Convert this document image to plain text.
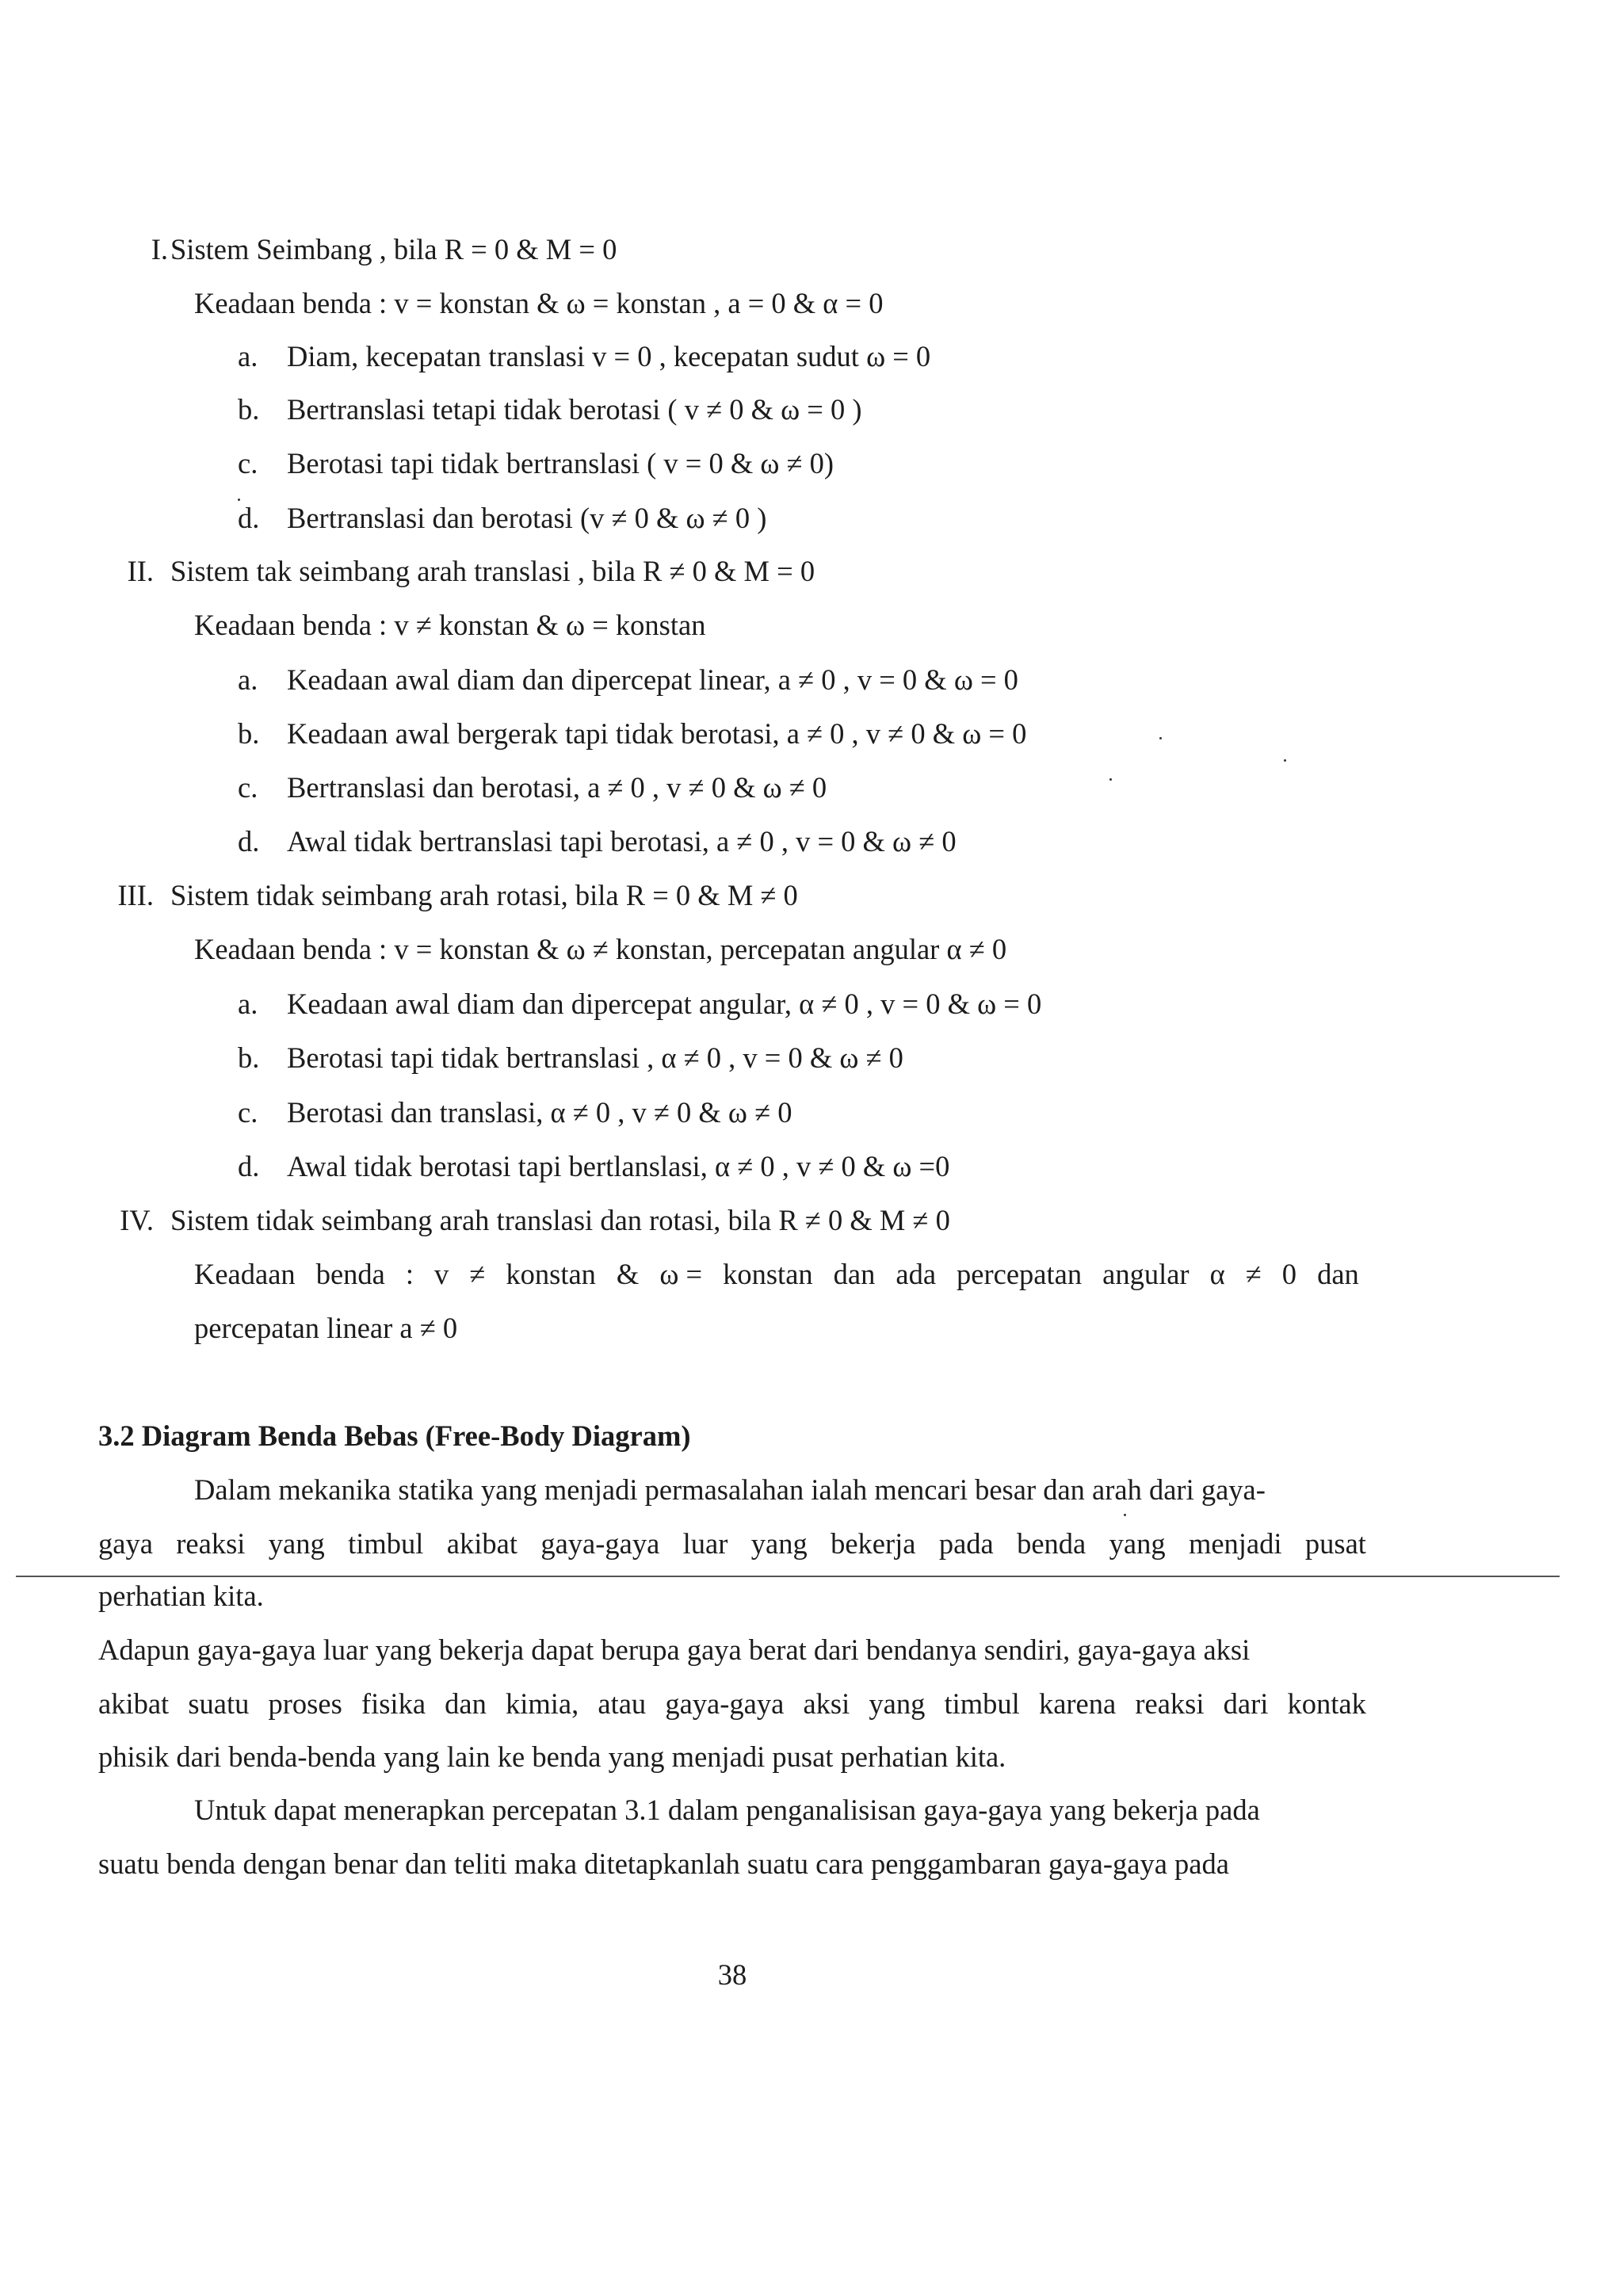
I. Sistem Seimbang , bila R = 0 & M = 0
Keadaan benda : v = konstan & ω = konstan , a = 0 & α = 0
a. Diam, kecepatan translasi v = 0 , kecepatan sudut ω = 0
b. Bertranslasi tetapi tidak berotasi ( v ≠ 0 & ω = 0 )
c. Berotasi tapi tidak bertranslasi ( v = 0 & ω ≠ 0)
d. Bertranslasi dan berotasi (v ≠ 0 & ω ≠ 0 )
II. Sistem tak seimbang arah translasi , bila R ≠ 0 & M = 0
Keadaan benda : v ≠ konstan & ω = konstan
a. Keadaan awal diam dan dipercepat linear, a ≠ 0 , v = 0 & ω = 0
b. Keadaan awal bergerak tapi tidak berotasi, a ≠ 0 , v ≠ 0 & ω = 0
c. Bertranslasi dan berotasi, a ≠ 0 , v ≠ 0 & ω ≠ 0
d. Awal tidak bertranslasi tapi berotasi, a ≠ 0 , v = 0 & ω ≠ 0
III. Sistem tidak seimbang arah rotasi, bila R = 0 & M ≠ 0
Keadaan benda : v = konstan & ω ≠ konstan, percepatan angular α ≠ 0
a. Keadaan awal diam dan dipercepat angular, α ≠ 0 , v = 0 & ω = 0
b. Berotasi tapi tidak bertranslasi , α ≠ 0 , v = 0 & ω ≠ 0
c. Berotasi dan translasi, α ≠ 0 , v ≠ 0 & ω ≠ 0
d. Awal tidak berotasi tapi bertlanslasi, α ≠ 0 , v ≠ 0 & ω =0
IV. Sistem tidak seimbang arah translasi dan rotasi, bila R ≠ 0 & M ≠ 0
Keadaan benda : v ≠ konstan & ω = konstan dan ada percepatan angular α ≠ 0 dan
percepatan linear a ≠ 0
3.2 Diagram Benda Bebas (Free-Body Diagram)
Dalam mekanika statika yang menjadi permasalahan ialah mencari besar dan arah dari gaya-
gaya reaksi yang timbul akibat gaya-gaya luar yang bekerja pada benda yang menjadi pusat
perhatian kita.
Adapun gaya-gaya luar yang bekerja dapat berupa gaya berat dari bendanya sendiri, gaya-gaya aksi
akibat suatu proses fisika dan kimia, atau gaya-gaya aksi yang timbul karena reaksi dari kontak
phisik dari benda-benda yang lain ke benda yang menjadi pusat perhatian kita.
Untuk dapat menerapkan percepatan 3.1 dalam penganalisisan gaya-gaya yang bekerja pada
suatu benda dengan benar dan teliti maka ditetapkanlah suatu cara penggambaran gaya-gaya pada
38
